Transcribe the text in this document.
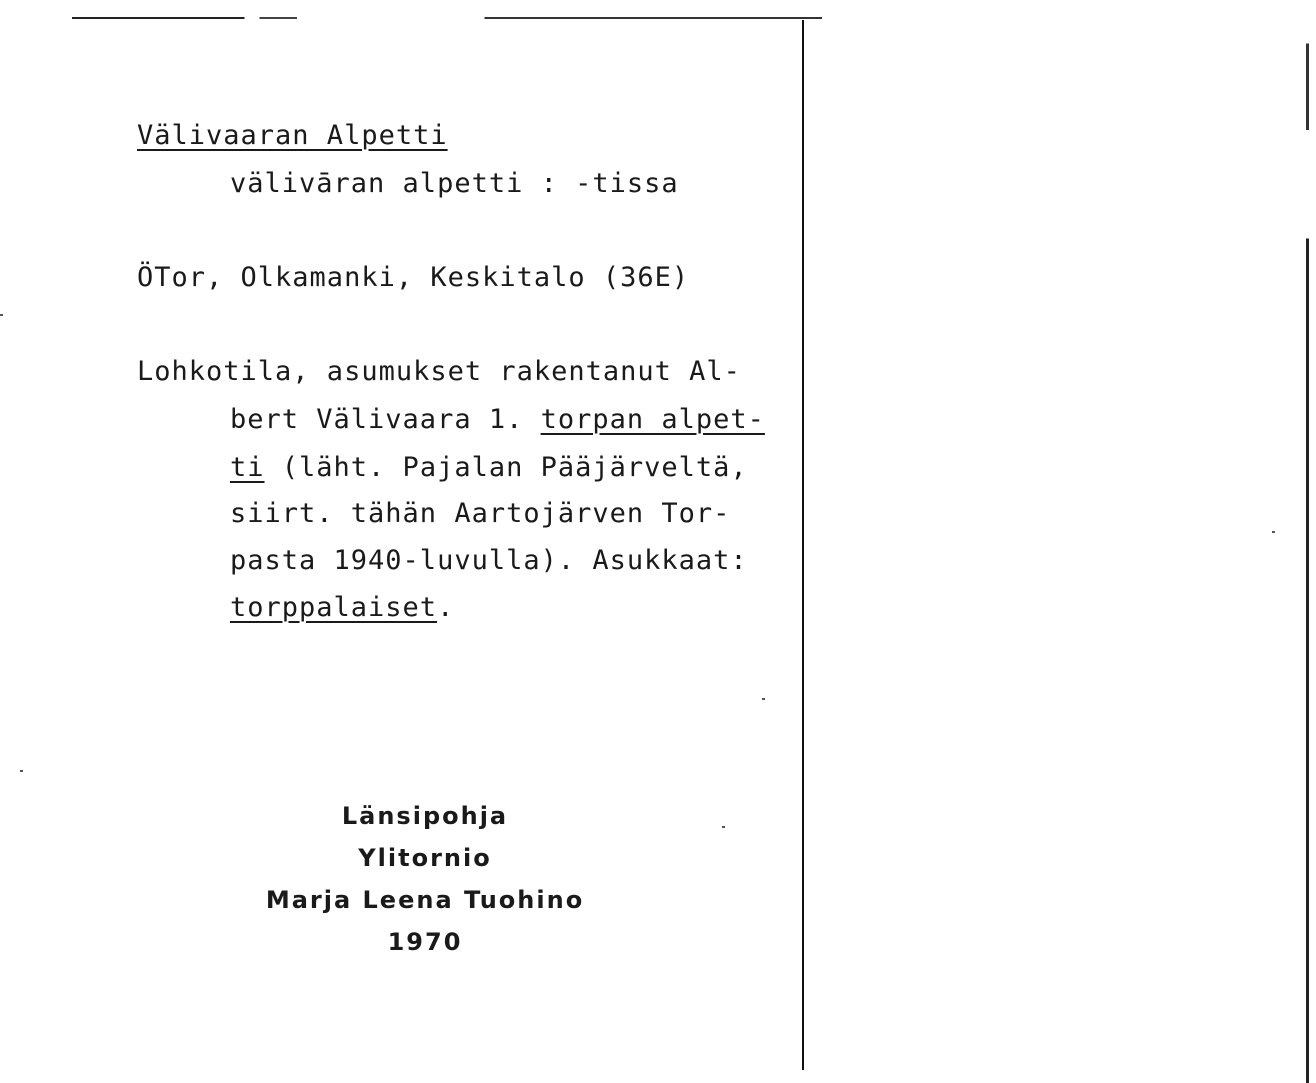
Välivaaran Alpetti

välivāran alpetti : -tissa

ÖTor, Olkamanki, Keskitalo (36E)

Lohkotila, asumukset rakentanut Al-

bert Välivaara 1. torpan alpet-

ti (läht. Pajalan Pääjärveltä,

siirt. tähän Aartojärven Tor-

pasta 1940-luvulla). Asukkaat:

torppalaiset.

Länsipohja
Ylitornio
Marja Leena Tuohino
1970
